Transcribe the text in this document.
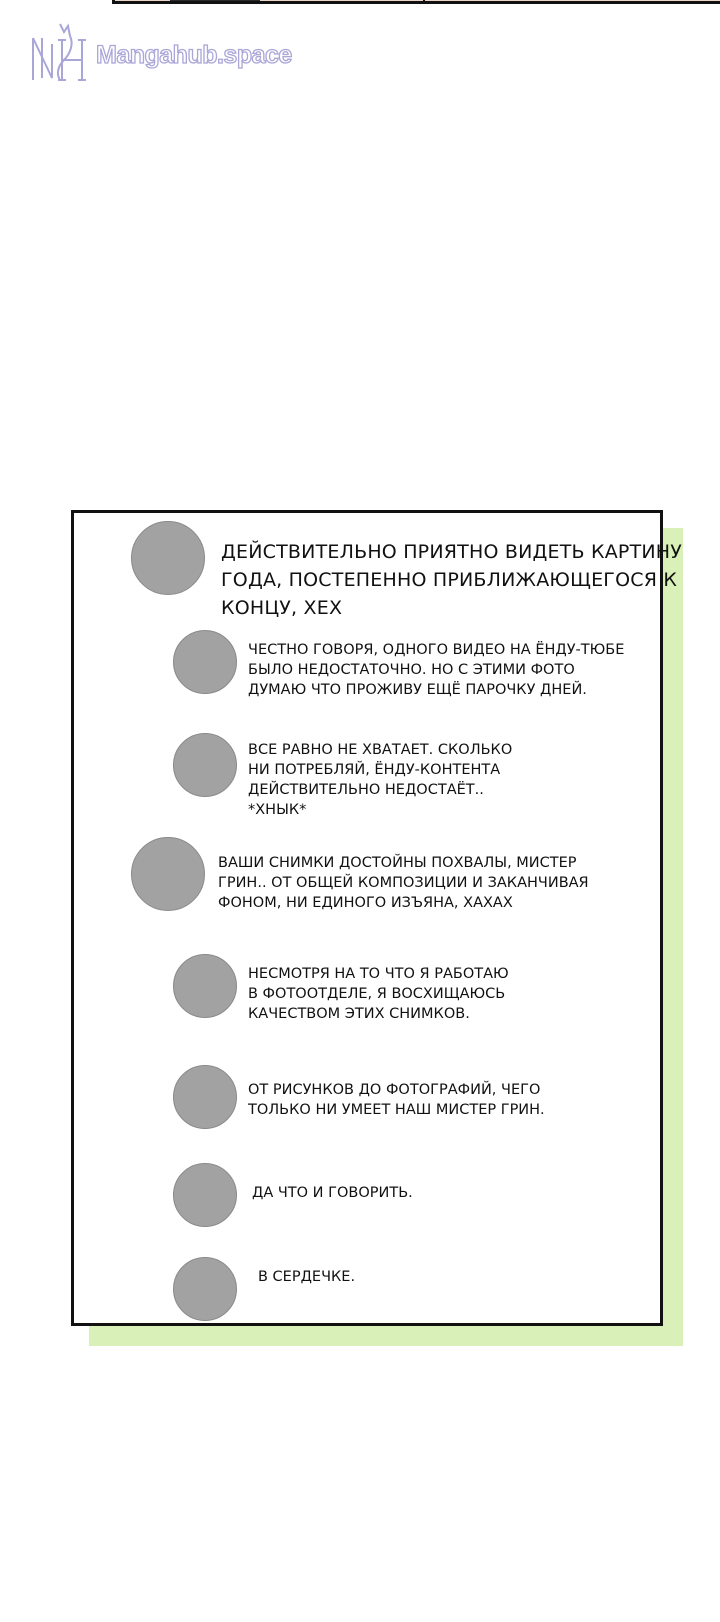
Mangahub.space
ДЕЙСТВИТЕЛЬНО ПРИЯТНО ВИДЕТЬ КАРТИНУ
ГОДА, ПОСТЕПЕННО ПРИБЛИЖАЮЩЕГОСЯ К
КОНЦУ, ХЕХ
ЧЕСТНО ГОВОРЯ, ОДНОГО ВИДЕО НА ЁНДУ-ТЮБЕ
БЫЛО НЕДОСТАТОЧНО. НО С ЭТИМИ ФОТО
ДУМАЮ ЧТО ПРОЖИВУ ЕЩЁ ПАРОЧКУ ДНЕЙ.
ВСЕ РАВНО НЕ ХВАТАЕТ. СКОЛЬКО
НИ ПОТРЕБЛЯЙ, ЁНДУ-КОНТЕНТА
ДЕЙСТВИТЕЛЬНО НЕДОСТАЁТ..
*ХНЫК*
ВАШИ СНИМКИ ДОСТОЙНЫ ПОХВАЛЫ, МИСТЕР
ГРИН.. ОТ ОБЩЕЙ КОМПОЗИЦИИ И ЗАКАНЧИВАЯ
ФОНОМ, НИ ЕДИНОГО ИЗЪЯНА, ХАХАХ
НЕСМОТРЯ НА ТО ЧТО Я РАБОТАЮ
В ФОТООТДЕЛЕ, Я ВОСХИЩАЮСЬ
КАЧЕСТВОМ ЭТИХ СНИМКОВ.
ОТ РИСУНКОВ ДО ФОТОГРАФИЙ, ЧЕГО
ТОЛЬКО НИ УМЕЕТ НАШ МИСТЕР ГРИН.
ДА ЧТО И ГОВОРИТЬ.
В СЕРДЕЧКЕ.
